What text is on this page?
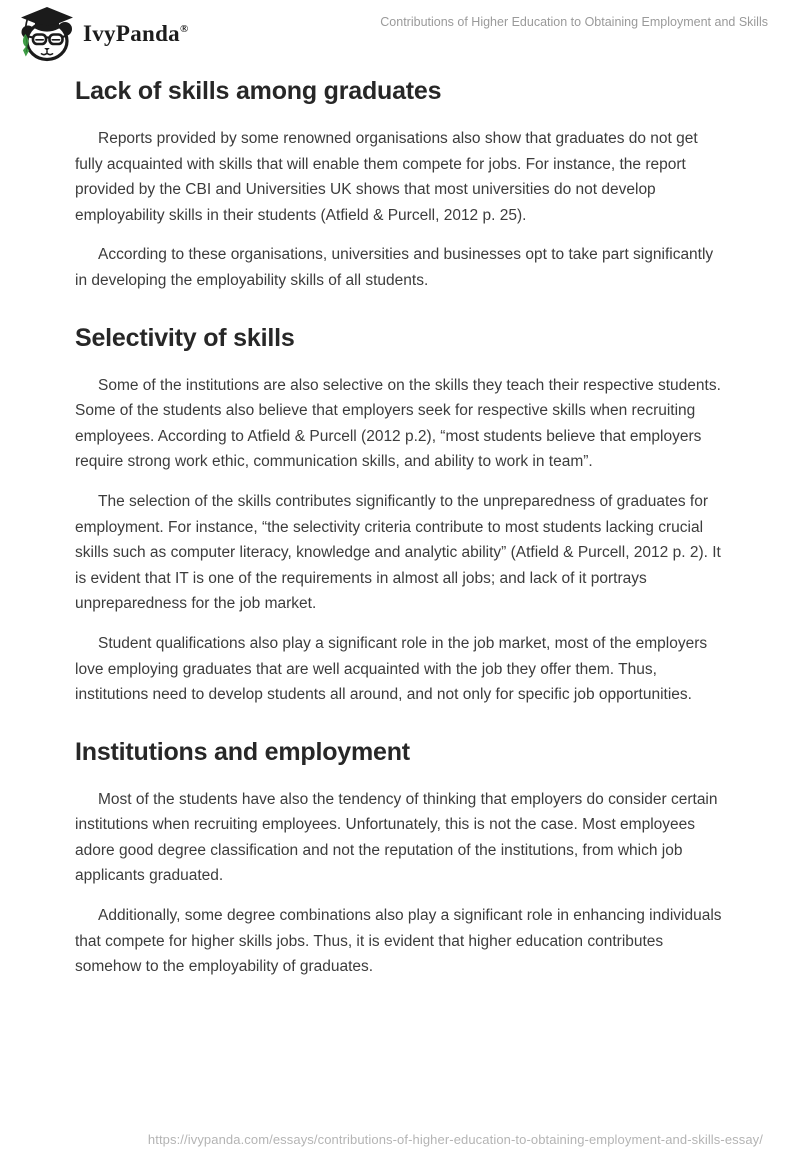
IvyPanda®	Contributions of Higher Education to Obtaining Employment and Skills
Lack of skills among graduates

Reports provided by some renowned organisations also show that graduates do not get fully acquainted with skills that will enable them compete for jobs. For instance, the report provided by the CBI and Universities UK shows that most universities do not develop employability skills in their students (Atfield & Purcell, 2012 p. 25).

According to these organisations, universities and businesses opt to take part significantly in developing the employability skills of all students.

Selectivity of skills

Some of the institutions are also selective on the skills they teach their respective students. Some of the students also believe that employers seek for respective skills when recruiting employees. According to Atfield & Purcell (2012 p.2), “most students believe that employers require strong work ethic, communication skills, and ability to work in team”.

The selection of the skills contributes significantly to the unpreparedness of graduates for employment. For instance, “the selectivity criteria contribute to most students lacking crucial skills such as computer literacy, knowledge and analytic ability” (Atfield & Purcell, 2012 p. 2). It is evident that IT is one of the requirements in almost all jobs; and lack of it portrays unpreparedness for the job market.

Student qualifications also play a significant role in the job market, most of the employers love employing graduates that are well acquainted with the job they offer them. Thus, institutions need to develop students all around, and not only for specific job opportunities.

Institutions and employment

Most of the students have also the tendency of thinking that employers do consider certain institutions when recruiting employees. Unfortunately, this is not the case. Most employees adore good degree classification and not the reputation of the institutions, from which job applicants graduated.

Additionally, some degree combinations also play a significant role in enhancing individuals that compete for higher skills jobs. Thus, it is evident that higher education contributes somehow to the employability of graduates.

https://ivypanda.com/essays/contributions-of-higher-education-to-obtaining-employment-and-skills-essay/
